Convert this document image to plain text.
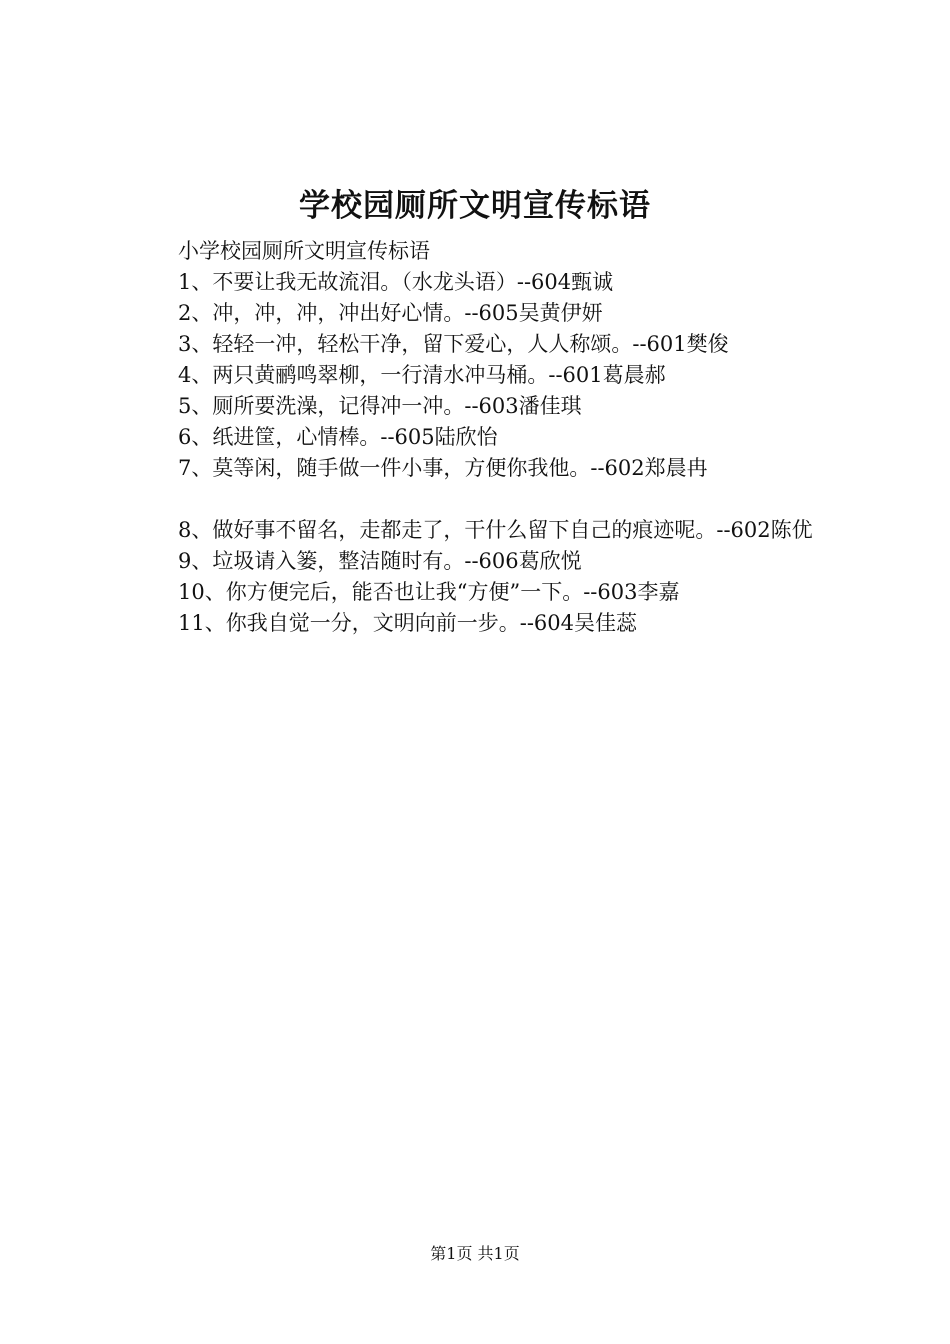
学校园厕所文明宣传标语

小学校园厕所文明宣传标语

1、不要让我无故流泪。（水龙头语）--604甄诚

2、冲，冲，冲，冲出好心情。--605吴黄伊妍

3、轻轻一冲，轻松干净，留下爱心，人人称颂。--601樊俊

4、两只黄鹂鸣翠柳，一行清水冲马桶。--601葛晨郝

5、厕所要洗澡，记得冲一冲。--603潘佳琪

6、纸进筐，心情棒。--605陆欣怡

7、莫等闲，随手做一件小事，方便你我他。--602郑晨冉

8、做好事不留名，走都走了，干什么留下自己的痕迹呢。--602陈优

9、垃圾请入篓，整洁随时有。--606葛欣悦

10、你方便完后，能否也让我“方便”一下。--603李嘉

11、你我自觉一分，文明向前一步。--604吴佳蕊

第1页 共1页
